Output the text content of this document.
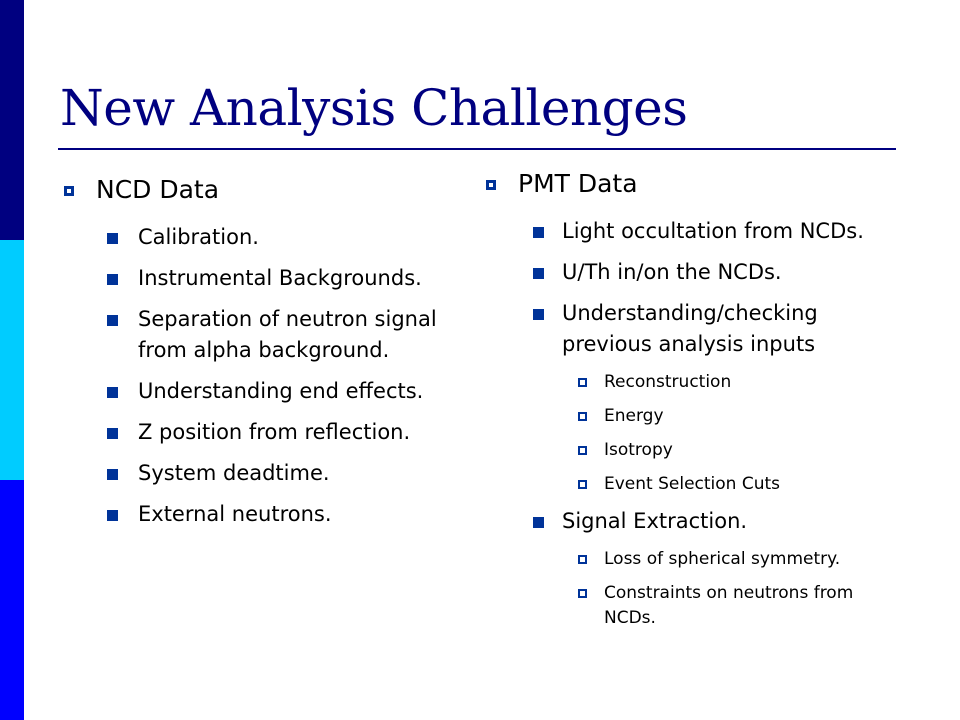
New Analysis Challenges
NCD Data
Calibration.
Instrumental Backgrounds.
Separation of neutron signal from alpha background.
Understanding end effects.
Z position from reflection.
System deadtime.
External neutrons.
PMT Data
Light occultation from NCDs.
U/Th in/on the NCDs.
Understanding/checking previous analysis inputs
Reconstruction
Energy
Isotropy
Event Selection Cuts
Signal Extraction.
Loss of spherical symmetry.
Constraints on neutrons from NCDs.
